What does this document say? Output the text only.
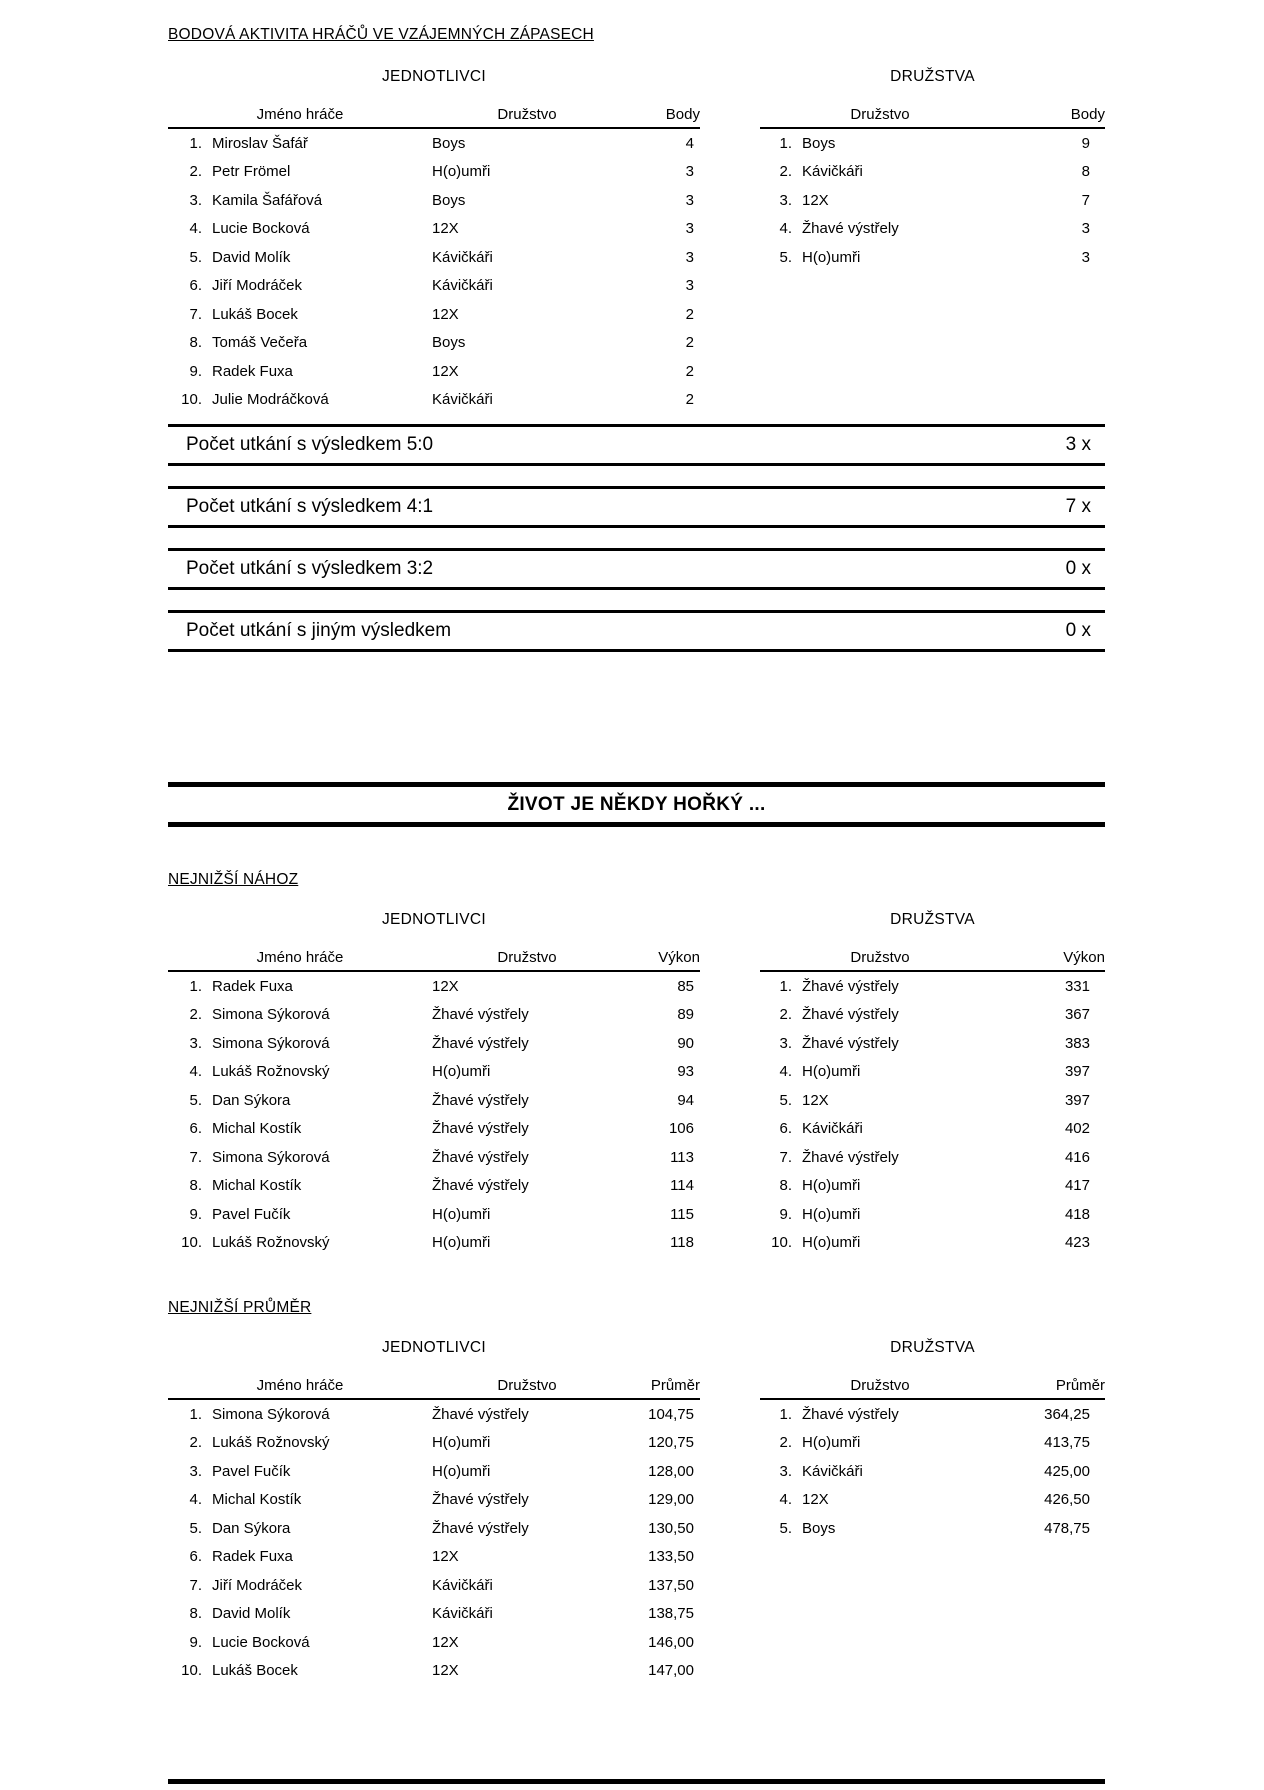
BODOVÁ AKTIVITA HRÁČŮ VE VZÁJEMNÝCH ZÁPASECH
JEDNOTLIVCI
Jméno hráče	Družstvo	Body
1. Miroslav Šafář	Boys	4
2. Petr Frömel	H(o)umři	3
3. Kamila Šafářová	Boys	3
4. Lucie Bocková	12X	3
5. David Molík	Kávičkáři	3
6. Jiří Modráček	Kávičkáři	3
7. Lukáš Bocek	12X	2
8. Tomáš Večeřa	Boys	2
9. Radek Fuxa	12X	2
10. Julie Modráčková	Kávičkáři	2
DRUŽSTVA
Družstvo	Body
1. Boys	9
2. Kávičkáři	8
3. 12X	7
4. Žhavé výstřely	3
5. H(o)umři	3
Počet utkání s výsledkem 5:0	3 x
Počet utkání s výsledkem 4:1	7 x
Počet utkání s výsledkem 3:2	0 x
Počet utkání s jiným výsledkem	0 x
ŽIVOT JE NĚKDY HOŘKÝ ...
NEJNIŽŠÍ NÁHOZ
JEDNOTLIVCI
Jméno hráče	Družstvo	Výkon
1. Radek Fuxa	12X	85
2. Simona Sýkorová	Žhavé výstřely	89
3. Simona Sýkorová	Žhavé výstřely	90
4. Lukáš Rožnovský	H(o)umři	93
5. Dan Sýkora	Žhavé výstřely	94
6. Michal Kostík	Žhavé výstřely	106
7. Simona Sýkorová	Žhavé výstřely	113
8. Michal Kostík	Žhavé výstřely	114
9. Pavel Fučík	H(o)umři	115
10. Lukáš Rožnovský	H(o)umři	118
DRUŽSTVA
Družstvo	Výkon
1. Žhavé výstřely	331
2. Žhavé výstřely	367
3. Žhavé výstřely	383
4. H(o)umři	397
5. 12X	397
6. Kávičkáři	402
7. Žhavé výstřely	416
8. H(o)umři	417
9. H(o)umři	418
10. H(o)umři	423
NEJNIŽŠÍ PRŮMĚR
JEDNOTLIVCI
Jméno hráče	Družstvo	Průměr
1. Simona Sýkorová	Žhavé výstřely	104,75
2. Lukáš Rožnovský	H(o)umři	120,75
3. Pavel Fučík	H(o)umři	128,00
4. Michal Kostík	Žhavé výstřely	129,00
5. Dan Sýkora	Žhavé výstřely	130,50
6. Radek Fuxa	12X	133,50
7. Jiří Modráček	Kávičkáři	137,50
8. David Molík	Kávičkáři	138,75
9. Lucie Bocková	12X	146,00
10. Lukáš Bocek	12X	147,00
DRUŽSTVA
Družstvo	Průměr
1. Žhavé výstřely	364,25
2. H(o)umři	413,75
3. Kávičkáři	425,00
4. 12X	426,50
5. Boys	478,75
